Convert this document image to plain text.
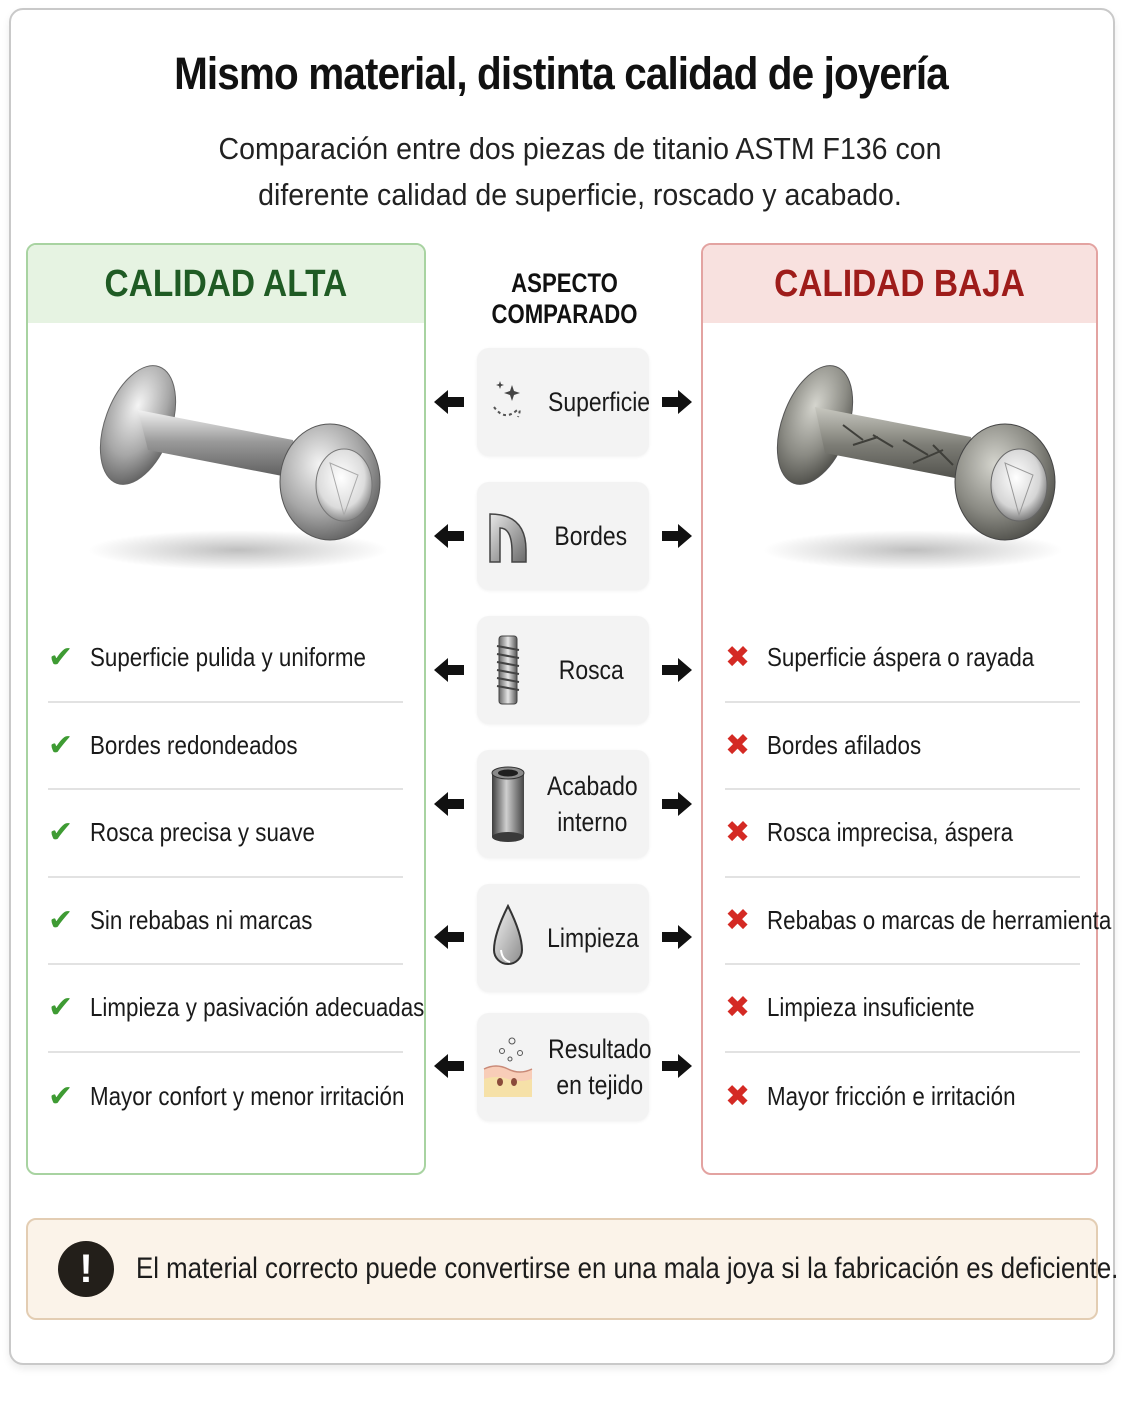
Mismo material, distinta calidad de joyería

Comparación entre dos piezas de titanio ASTM F136 con diferente calidad de superficie, roscado y acabado.

CALIDAD ALTA
✔ Superficie pulida y uniforme
✔ Bordes redondeados
✔ Rosca precisa y suave
✔ Sin rebabas ni marcas
✔ Limpieza y pasivación adecuadas
✔ Mayor confort y menor irritación
CALIDAD BAJA
✖ Superficie áspera o rayada
✖ Bordes afilados
✖ Rosca imprecisa, áspera
✖ Rebabas o marcas de herramienta
✖ Limpieza insuficiente
✖ Mayor fricción e irritación
ASPECTO COMPARADO
Superficie
Bordes
Rosca
Acabado
interno
Limpieza
Resultado
en tejido
!	El material correcto puede convertirse en una mala joya si la fabricación es deficiente.
